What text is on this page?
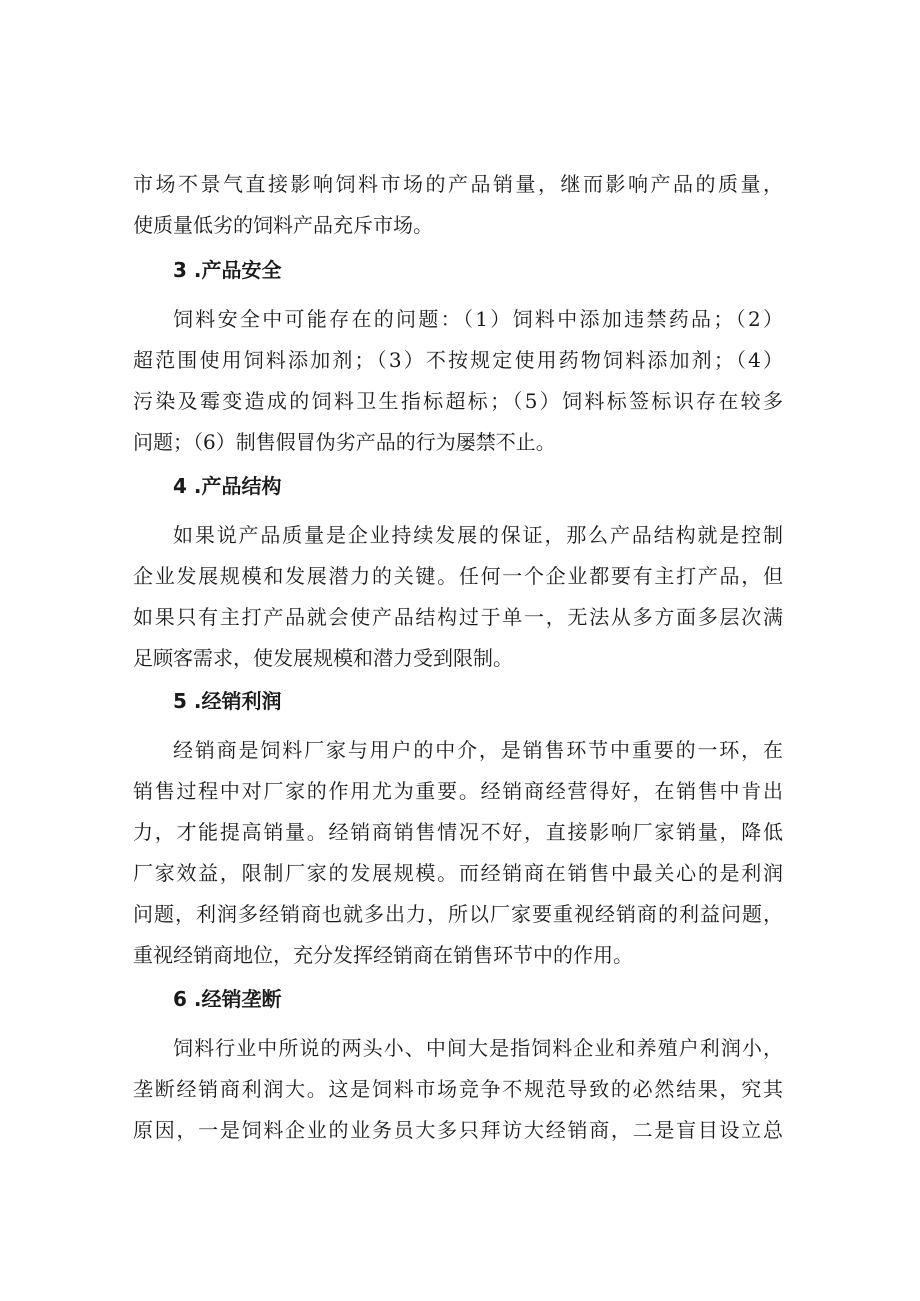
市场不景气直接影响饲料市场的产品销量，继而影响产品的质量，
使质量低劣的饲料产品充斥市场。
3 .产品安全
饲料安全中可能存在的问题：（1）饲料中添加违禁药品；（2）
超范围使用饲料添加剂；（3）不按规定使用药物饲料添加剂；（4）
污染及霉变造成的饲料卫生指标超标；（5）饲料标签标识存在较多
问题；（6）制售假冒伪劣产品的行为屡禁不止。
4 .产品结构
如果说产品质量是企业持续发展的保证，那么产品结构就是控制
企业发展规模和发展潜力的关键。任何一个企业都要有主打产品，但
如果只有主打产品就会使产品结构过于单一，无法从多方面多层次满
足顾客需求，使发展规模和潜力受到限制。
5 .经销利润
经销商是饲料厂家与用户的中介，是销售环节中重要的一环，在
销售过程中对厂家的作用尤为重要。经销商经营得好，在销售中肯出
力，才能提高销量。经销商销售情况不好，直接影响厂家销量，降低
厂家效益，限制厂家的发展规模。而经销商在销售中最关心的是利润
问题，利润多经销商也就多出力，所以厂家要重视经销商的利益问题，
重视经销商地位，充分发挥经销商在销售环节中的作用。
6 .经销垄断
饲料行业中所说的两头小、中间大是指饲料企业和养殖户利润小，
垄断经销商利润大。这是饲料市场竞争不规范导致的必然结果，究其
原因，一是饲料企业的业务员大多只拜访大经销商，二是盲目设立总
